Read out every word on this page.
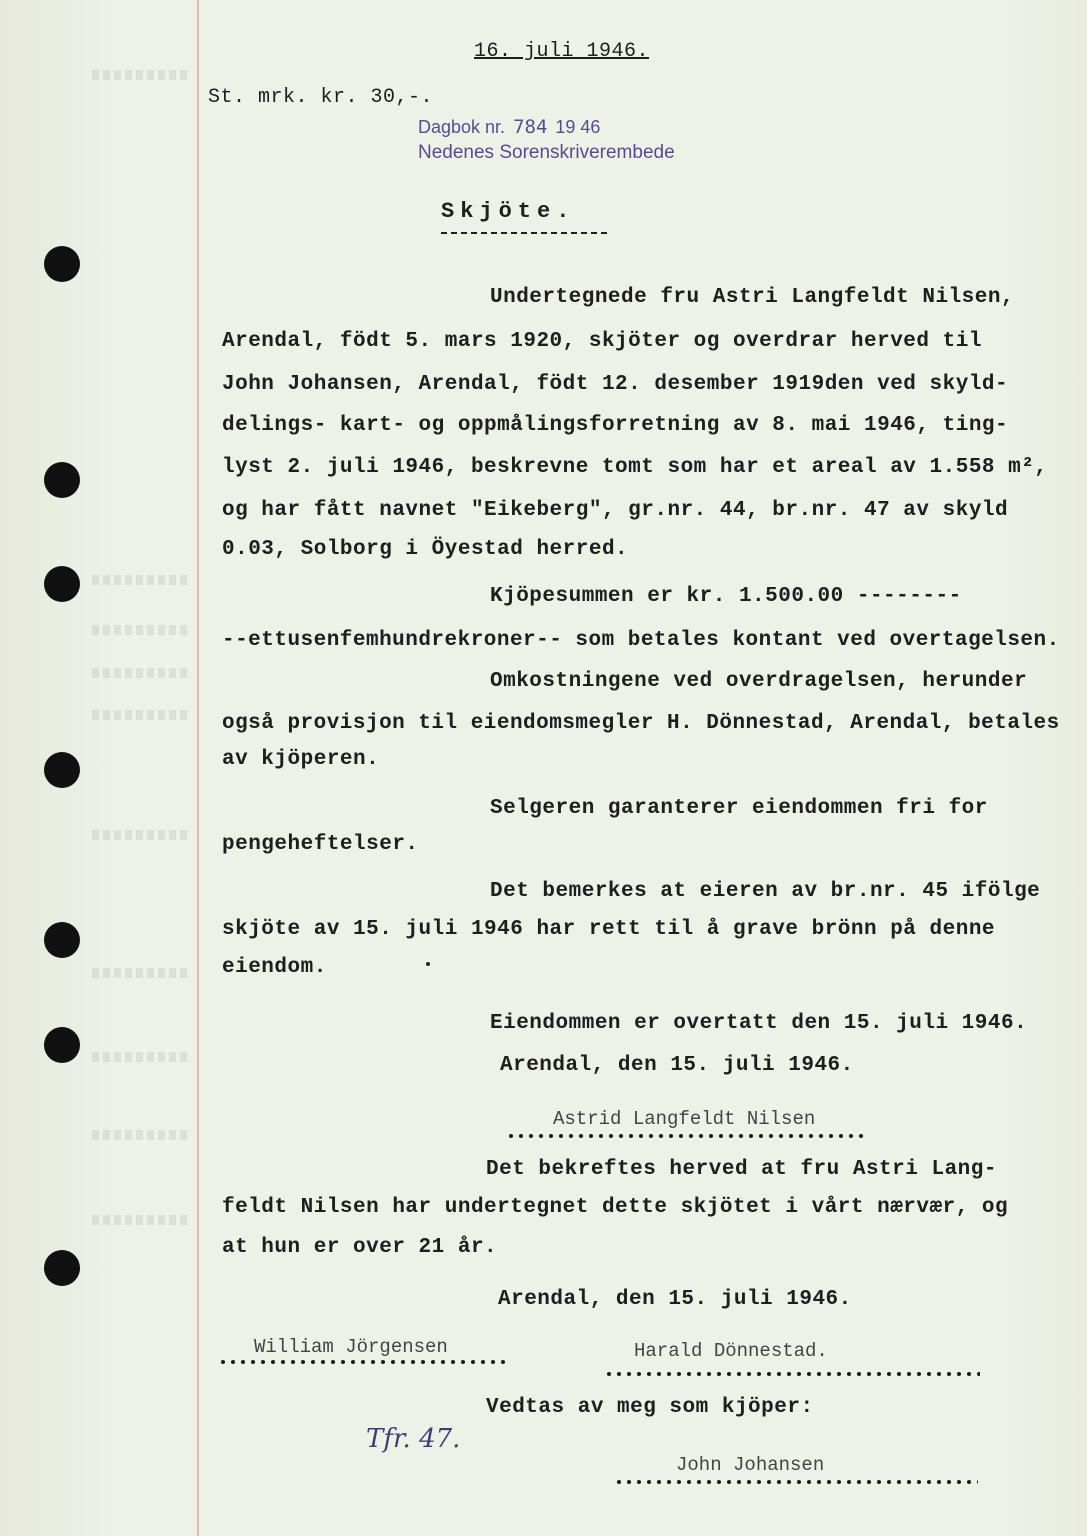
16. juli 1946.
St. mrk. kr. 30,-.
Dagbok nr. 784 19 46
Nedenes Sorenskriverembede
Skjöte.
Undertegnede fru Astri Langfeldt Nilsen,
Arendal, födt 5. mars 1920, skjöter og overdrar herved til
John Johansen, Arendal, födt 12. desember 1919den ved skyld-
delings- kart- og oppmålingsforretning av 8. mai 1946, ting-
lyst 2. juli 1946, beskrevne tomt som har et areal av 1.558 m²,
og har fått navnet "Eikeberg", gr.nr. 44, br.nr. 47 av skyld
0.03, Solborg i Öyestad herred.
Kjöpesummen er kr. 1.500.00 --------
--ettusenfemhundrekroner-- som betales kontant ved overtagelsen.
Omkostningene ved overdragelsen, herunder
også provisjon til eiendomsmegler H. Dönnestad, Arendal, betales
av kjöperen.
Selgeren garanterer eiendommen fri for
pengeheftelser.
Det bemerkes at eieren av br.nr. 45 ifölge
skjöte av 15. juli 1946 har rett til å grave brönn på denne
eiendom.
Eiendommen er overtatt den 15. juli 1946.
Arendal, den 15. juli 1946.
Astrid Langfeldt Nilsen
Det bekreftes herved at fru Astri Lang-
feldt Nilsen har undertegnet dette skjötet i vårt nærvær, og
at hun er over 21 år.
Arendal, den 15. juli 1946.
William Jörgensen	Harald Dönnestad.
Vedtas av meg som kjöper:
Tfr. 47.
John Johansen
